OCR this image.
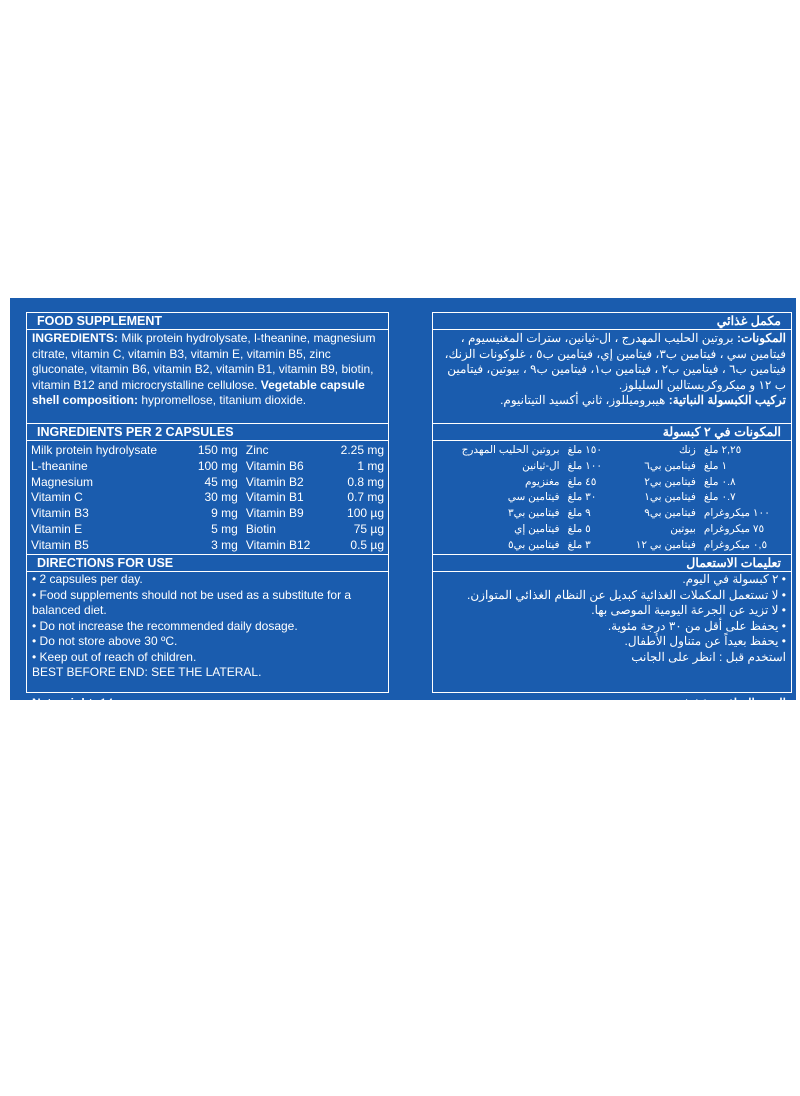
FOOD SUPPLEMENT
INGREDIENTS: Milk protein hydrolysate, l-theanine, magnesium citrate, vitamin C, vitamin B3, vitamin E, vitamin B5, zinc gluconate, vitamin B6, vitamin B2, vitamin B1, vitamin B9, biotin, vitamin B12 and microcrystalline cellulose. Vegetable capsule shell composition: hypromellose, titanium dioxide.
INGREDIENTS PER 2 CAPSULES
Milk protein hydrolysate	150 mg	Zinc	2.25 mg
L-theanine	100 mg	Vitamin B6	1 mg
Magnesium	45 mg	Vitamin B2	0.8 mg
Vitamin C	30 mg	Vitamin B1	0.7 mg
Vitamin B3	9 mg	Vitamin B9	100 µg
Vitamin E	5 mg	Biotin	75 µg
Vitamin B5	3 mg	Vitamin B12	0.5 µg
DIRECTIONS FOR USE
• 2 capsules per day.
• Food supplements should not be used as a substitute for a balanced diet.
• Do not increase the recommended daily dosage.
• Do not store above 30 ºC.
• Keep out of reach of children.
BEST BEFORE END: SEE THE LATERAL.
Net weight: 14 g
مكمل غذائي
المكونات: بروتين الحليب المهدرج ، ال-ثيانين، سترات المغنيسيوم ، فيتامين سي ، فيتامين ب٣، فيتامين إي، فيتامين ب٥ ، غلوكونات الزنك، فيتامين ب٦ ، فيتامين ب٢ ، فيتامين ب١، فيتامين ب٩ ، بيوتين، فيتامين ب ١٢ و ميكروكريستالين السليلوز.
تركيب الكبسولة النباتية: هيبروميللوز، ثاني أكسيد التيتانيوم.
المكونات في ٢ كبسولة
بروتين الحليب المهدرج	١٥٠ ملغ	زنك	٢,٢٥ ملغ
ال-ثيانين	١٠٠ ملغ	فيتامين بي٦	١ ملغ
مغنزيوم	٤٥ ملغ	فيتامين بي٢	٠.٨ ملغ
فيتامين سي	٣٠ ملغ	فيتامين بي١	٠.٧ ملغ
فيتامين بي٣	٩ ملغ	فيتامين بي٩	١٠٠ ميكروغرام
فيتامين إي	٥ ملغ	بيوتين	٧٥ ميكروغرام
فيتامين بي٥	٣ ملغ	فيتامين بي ١٢	٠,٥ ميكروغرام
تعليمات الاستعمال
• ٢ كبسولة في اليوم.
• لا تستعمل المكملات الغذائية كبديل عن النظام الغذائي المتوازن.
• لا تزيد عن الجرعة اليومية الموصى بها.
• يحفظ على أقل من ٣٠ درجة مئوية.
• يحفظ بعيداً عن متناول الأطفال.
استخدم قبل : انظر على الجانب
الوزن الصافي : ١٤ غ
